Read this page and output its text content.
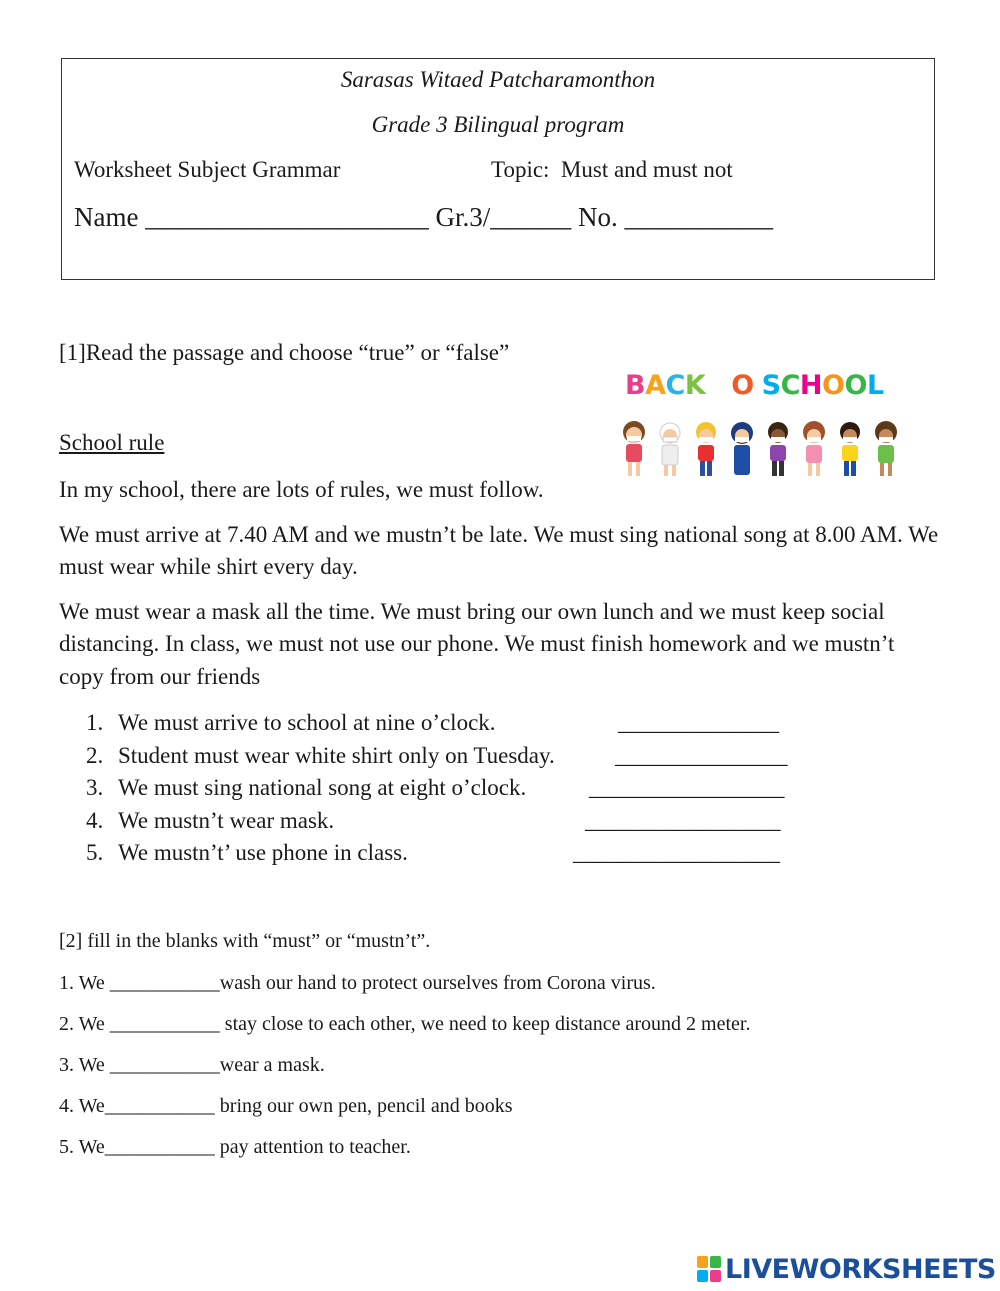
Sarasas Witaed Patcharamonthon
Grade 3 Bilingual program
Worksheet Subject Grammar	Topic:  Must and must not
Name _____________________ Gr.3/______ No. ___________
[1]Read the passage and choose “true” or “false”
BACK TO SCHOOL
School rule

In my school, there are lots of rules, we must follow.

We must arrive at 7.40 AM and we mustn’t be late. We must sing national song at 8.00 AM. We must wear while shirt every day.

We must wear a mask all the time. We must bring our own lunch and we must keep social distancing. In class, we must not use our phone. We must finish homework and we mustn’t copy from our friends

1. We must arrive to school at nine o’clock.	______________
2. Student must wear white shirt only on Tuesday.	_______________
3. We must sing national song at eight o’clock.	_________________
4. We mustn’t wear mask.	_________________
5. We mustn’t’ use phone in class.	__________________
[2] fill in the blanks with “must” or “mustn’t”.
1. We ___________wash our hand to protect ourselves from Corona virus.
2. We ___________ stay close to each other, we need to keep distance around 2 meter.
3. We ___________wear a mask.
4. We___________ bring our own pen, pencil and books
5. We___________ pay attention to teacher.
LIVEWORKSHEETS
